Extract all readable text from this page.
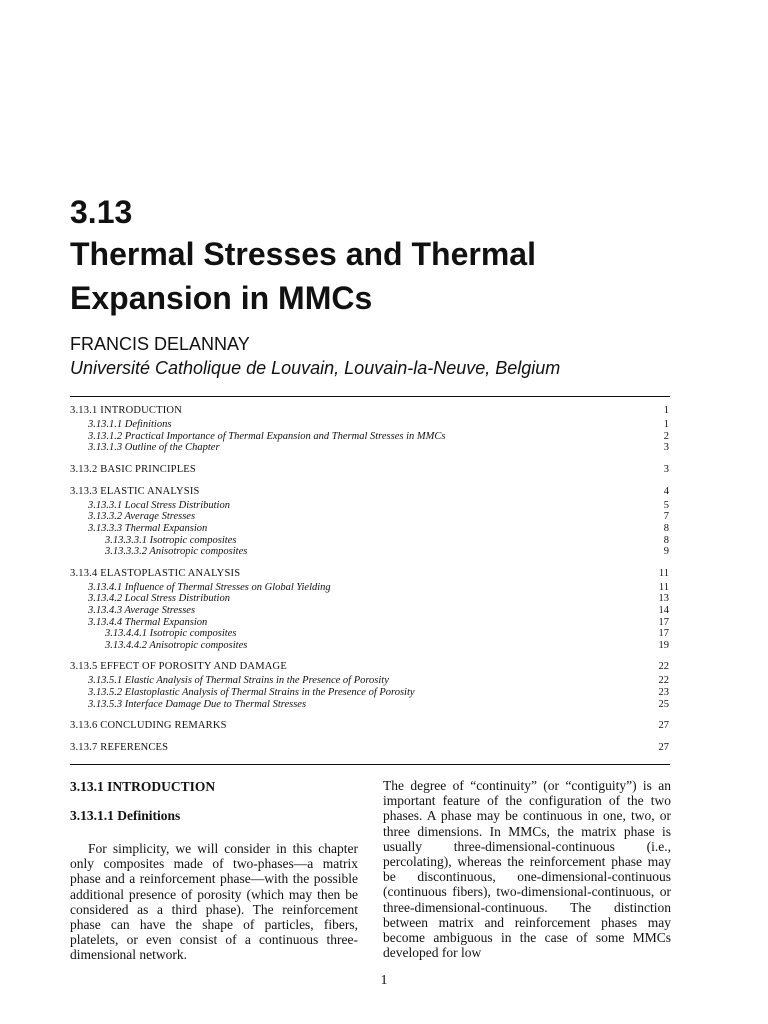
3.13
Thermal Stresses and Thermal
Expansion in MMCs

FRANCIS DELANNAY

Université Catholique de Louvain, Louvain-la-Neuve, Belgium

3.13.1 INTRODUCTION	1
3.13.1.1 Definitions	1
3.13.1.2 Practical Importance of Thermal Expansion and Thermal Stresses in MMCs	2
3.13.1.3 Outline of the Chapter	3
3.13.2 BASIC PRINCIPLES	3
3.13.3 ELASTIC ANALYSIS	4
3.13.3.1 Local Stress Distribution	5
3.13.3.2 Average Stresses	7
3.13.3.3 Thermal Expansion	8
3.13.3.3.1 Isotropic composites	8
3.13.3.3.2 Anisotropic composites	9
3.13.4 ELASTOPLASTIC ANALYSIS	11
3.13.4.1 Influence of Thermal Stresses on Global Yielding	11
3.13.4.2 Local Stress Distribution	13
3.13.4.3 Average Stresses	14
3.13.4.4 Thermal Expansion	17
3.13.4.4.1 Isotropic composites	17
3.13.4.4.2 Anisotropic composites	19
3.13.5 EFFECT OF POROSITY AND DAMAGE	22
3.13.5.1 Elastic Analysis of Thermal Strains in the Presence of Porosity	22
3.13.5.2 Elastoplastic Analysis of Thermal Strains in the Presence of Porosity	23
3.13.5.3 Interface Damage Due to Thermal Stresses	25
3.13.6 CONCLUDING REMARKS	27
3.13.7 REFERENCES	27
3.13.1 INTRODUCTION
3.13.1.1 Definitions

For simplicity, we will consider in this chapter only composites made of two-phases—a matrix phase and a reinforcement phase—with the possible additional presence of porosity (which may then be considered as a third phase). The reinforcement phase can have the shape of particles, fibers, platelets, or even consist of a continuous three-dimensional network.

The degree of “continuity” (or “contiguity”) is an important feature of the configuration of the two phases. A phase may be continuous in one, two, or three dimensions. In MMCs, the matrix phase is usually three-dimensional-continuous (i.e., percolating), whereas the reinforcement phase may be discontinuous, one-dimensional-continuous (continuous fibers), two-dimensional-continuous, or three-dimensional-continuous. The distinction between matrix and reinforcement phases may become ambiguous in the case of some MMCs developed for low

1
